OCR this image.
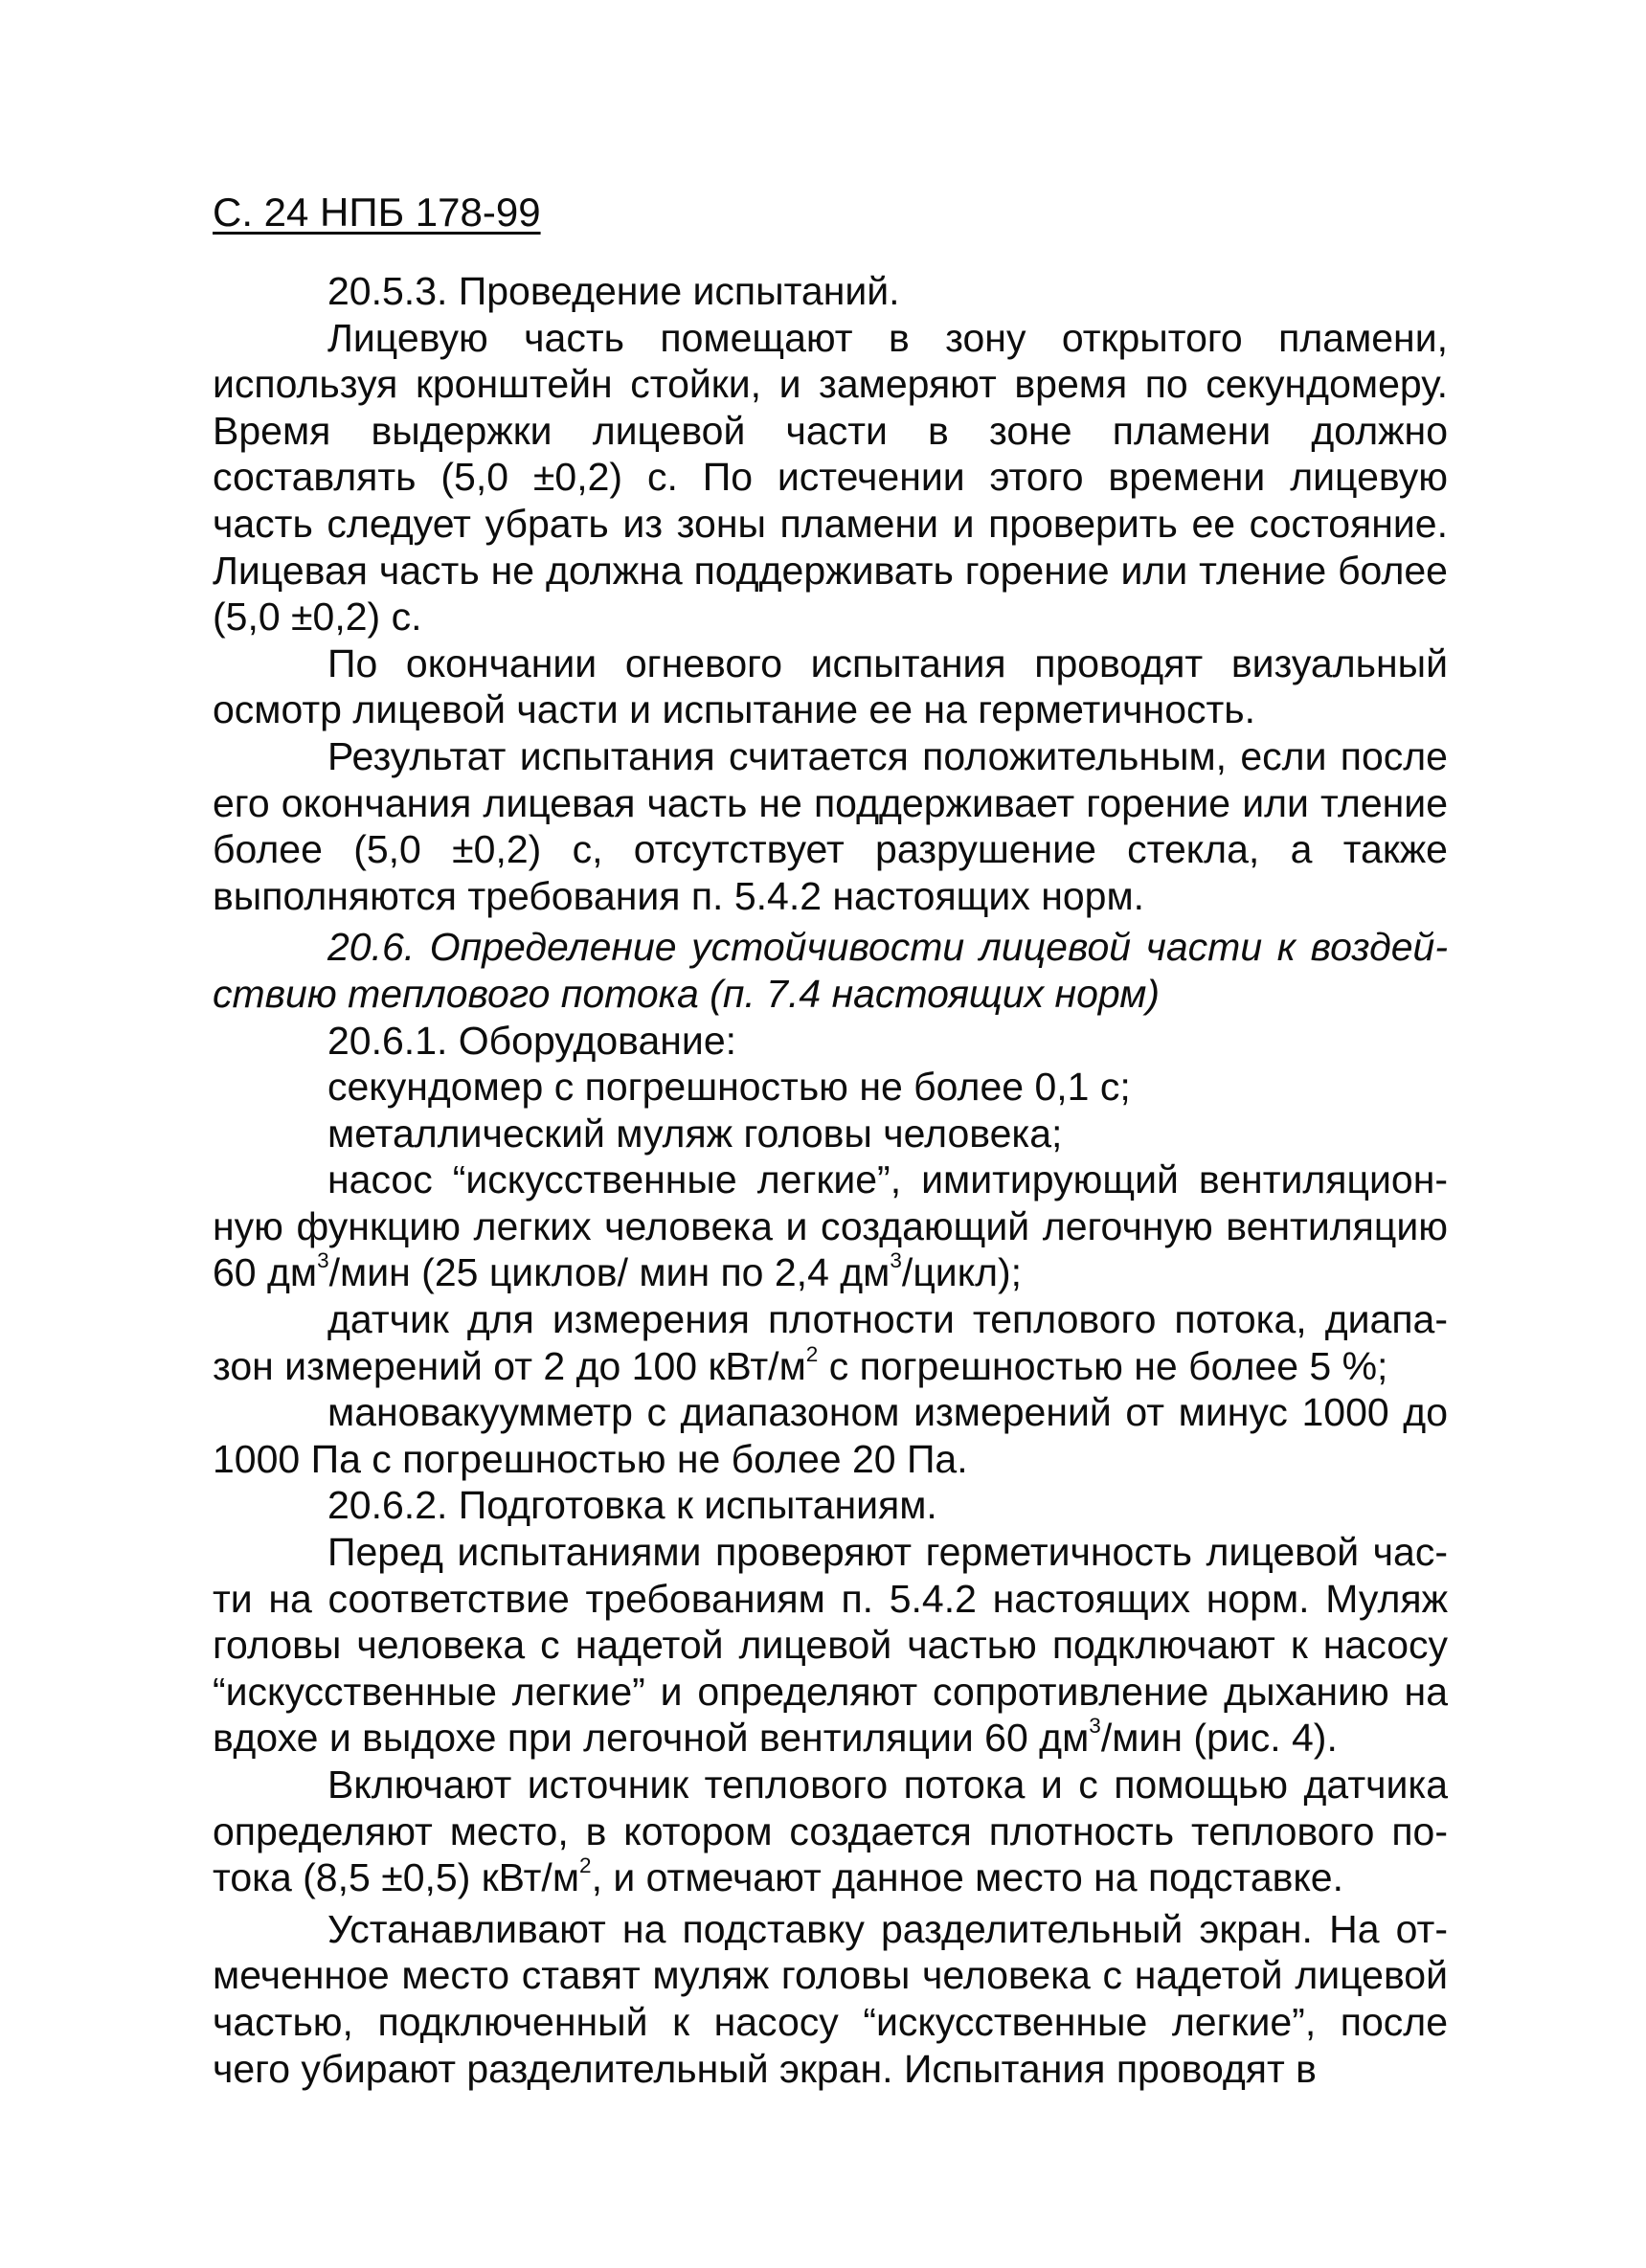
С. 24 НПБ 178-99

20.5.3. Проведение испытаний.

Лицевую часть помещают в зону открытого пламени, используя кронштейн стойки, и замеряют время по секундомеру. Время выдержки лицевой части в зоне пламени должно составлять (5,0 ±0,2) с. По истечении этого времени лицевую часть следует убрать из зоны пламени и проверить ее состояние. Лицевая часть не должна поддерживать горение или тление более (5,0 ±0,2) с.

По окончании огневого испытания проводят визуальный осмотр лицевой части и испытание ее на герметичность.

Результат испытания считается положительным, если после его окончания лицевая часть не поддерживает горение или тление более (5,0 ±0,2) с, отсутствует разрушение стекла, а также выполняются требования п. 5.4.2 настоящих норм.

20.6. Определение устойчивости лицевой части к воздействию теплового потока (п. 7.4 настоящих норм)

20.6.1. Оборудование:

секундомер с погрешностью не более 0,1 с;

металлический муляж головы человека;

насос “искусственные легкие”, имитирующий вентиляционную функцию легких человека и создающий легочную вентиляцию 60 $дм^3$/мин (25 циклов/ мин по 2,4 $дм^3/цикл$);

датчик для измерения плотности теплового потока, диапазон измерений от 2 до 100 кВт/$м^2$ с погрешностью не более 5 %;

мановакуумметр с диапазоном измерений от минус 1000 до 1000 Па с погрешностью не более 20 Па.

20.6.2. Подготовка к испытаниям.

Перед испытаниями проверяют герметичность лицевой части на соответствие требованиям п. 5.4.2 настоящих норм. Муляж головы человека с надетой лицевой частью подключают к насосу “искусственные легкие” и определяют сопротивление дыханию на вдохе и выдохе при легочной вентиляции 60 $дм^3$/мин (рис. 4).

Включают источник теплового потока и с помощью датчика определяют место, в котором создается плотность теплового потока (8,5 ±0,5) кВт/$м^2$, и отмечают данное место на подставке.

Устанавливают на подставку разделительный экран. На отмеченное место ставят муляж головы человека с надетой лицевой частью, подключенный к насосу “искусственные легкие”, после чего убирают разделительный экран. Испытания проводят в
